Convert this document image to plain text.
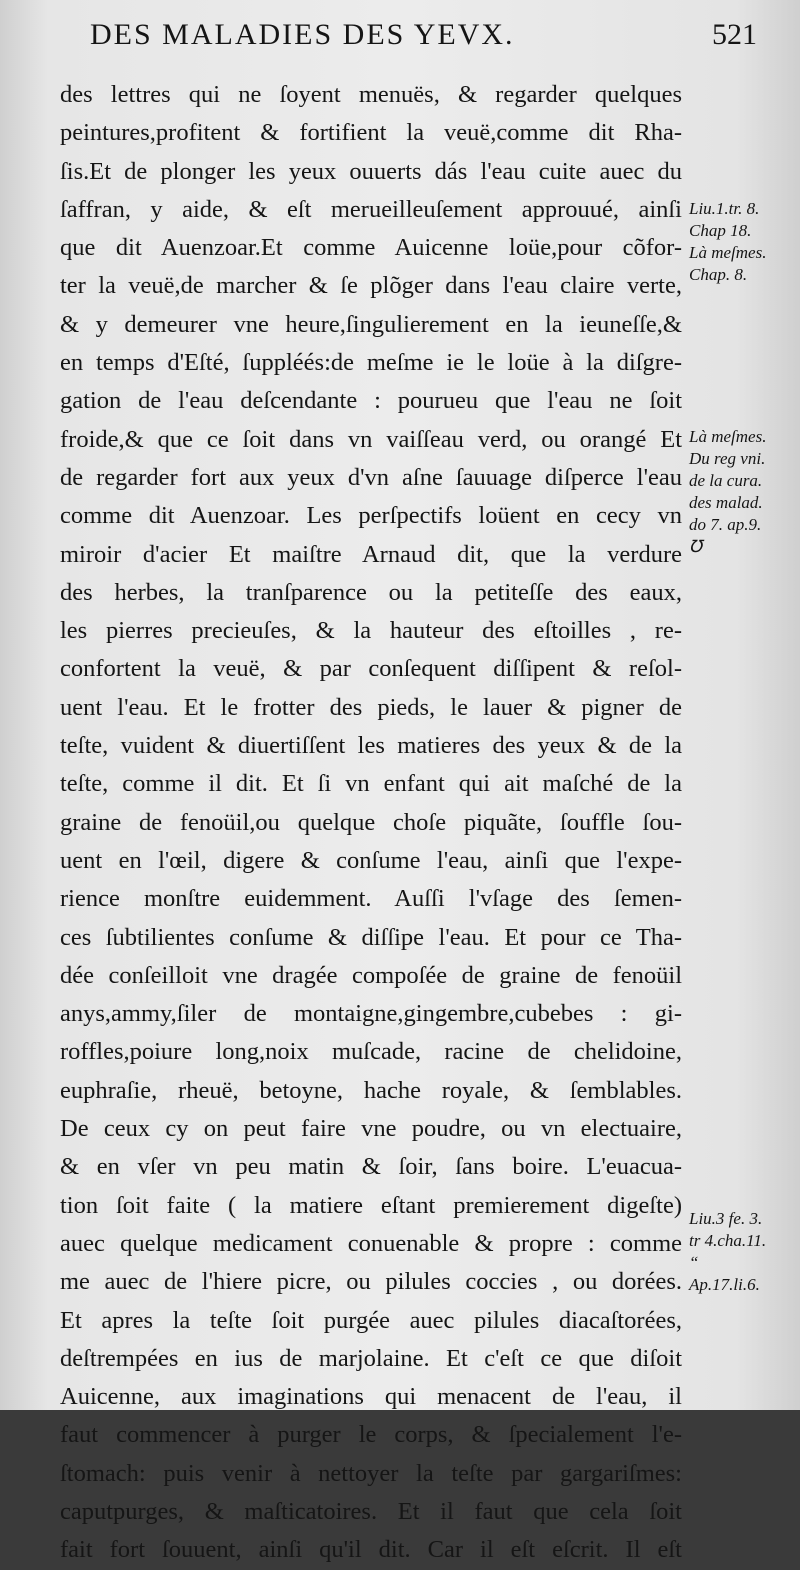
DES MALADIES DES YEVX.	521
des lettres qui ne ſoyent menuës, & regarder quelques
peintures,profitent & fortifient la veuë,comme dit Rha-
ſis.Et de plonger les yeux ouuerts dás l'eau cuite auec du
ſaffran, y aide, & eſt merueilleuſement approuué, ainſi
que dit Auenzoar.Et comme Auicenne loüe,pour cõfor-
ter la veuë,de marcher & ſe plõger dans l'eau claire verte,
& y demeurer vne heure,ſingulierement en la ieuneſſe,&
en temps d'Eſté, ſuppléés:de meſme ie le loüe à la diſgre-
gation de l'eau deſcendante : pourueu que l'eau ne ſoit
froide,& que ce ſoit dans vn vaiſſeau verd, ou orangé Et
de regarder fort aux yeux d'vn aſne ſauuage diſperce l'eau
comme dit Auenzoar. Les perſpectifs loüent en cecy vn
miroir d'acier Et maiſtre Arnaud dit, que la verdure
des herbes, la tranſparence ou la petiteſſe des eaux,
les pierres precieuſes, & la hauteur des eſtoilles , re-
confortent la veuë, & par conſequent diſſipent & reſol-
uent l'eau. Et le frotter des pieds, le lauer & pigner de
teſte, vuident & diuertiſſent les matieres des yeux & de la
teſte, comme il dit. Et ſi vn enfant qui ait maſché de la
graine de fenoüil,ou quelque choſe piquãte, ſouffle ſou-
uent en l'œil, digere & conſume l'eau, ainſi que l'expe-
rience monſtre euidemment. Auſſi l'vſage des ſemen-
ces ſubtilientes conſume & diſſipe l'eau. Et pour ce Tha-
dée conſeilloit vne dragée compoſée de graine de fenoüil
anys,ammy,ſiler de montaigne,gingembre,cubebes : gi-
roffles,poiure long,noix muſcade, racine de chelidoine,
euphraſie, rheuë, betoyne, hache royale, & ſemblables.
De ceux cy on peut faire vne poudre, ou vn electuaire,
& en vſer vn peu matin & ſoir, ſans boire. L'euacua-
tion ſoit faite ( la matiere eſtant premierement digeſte)
auec quelque medicament conuenable & propre : comme
me auec de l'hiere picre, ou pilules coccies , ou dorées.
Et apres la teſte ſoit purgée auec pilules diacaſtorées,
deſtrempées en ius de marjolaine. Et c'eſt ce que diſoit
Auicenne, aux imaginations qui menacent de l'eau, il
faut commencer à purger le corps, & ſpecialement l'e-
ſtomach: puis venir à nettoyer la teſte par gargariſmes:
caputpurges, & maſticatoires. Et il faut que cela ſoit
fait fort ſouuent, ainſi qu'il dit. Car il eſt eſcrit. Il eſt
Liu.1.tr. 8.
Chap 18.
Là meſmes.
Chap. 8.
Là meſmes.
Du reg vni.
de la cura.
des malad.
do 7. ap.9.
℧
Liu.3 fe. 3.
tr 4.cha.11.
“
Ap.17.li.6.
